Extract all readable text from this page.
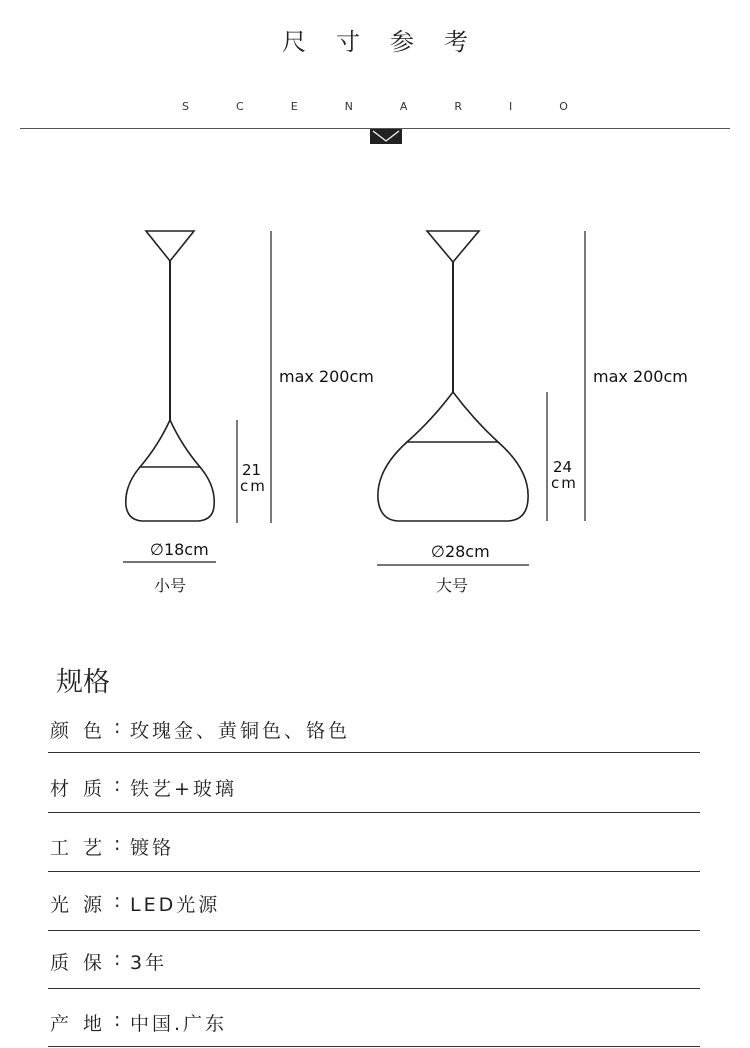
尺寸参考
SCENARIO
max 200cm
21
cm
∅18cm
小号
max 200cm
24
cm
∅28cm
大号
规格
颜色
: 玫瑰金、黄铜色、铬色
材质
: 铁艺+玻璃
工艺
: 镀铬
光源
: LED光源
质保
: 3年
产地
: 中国.广东
